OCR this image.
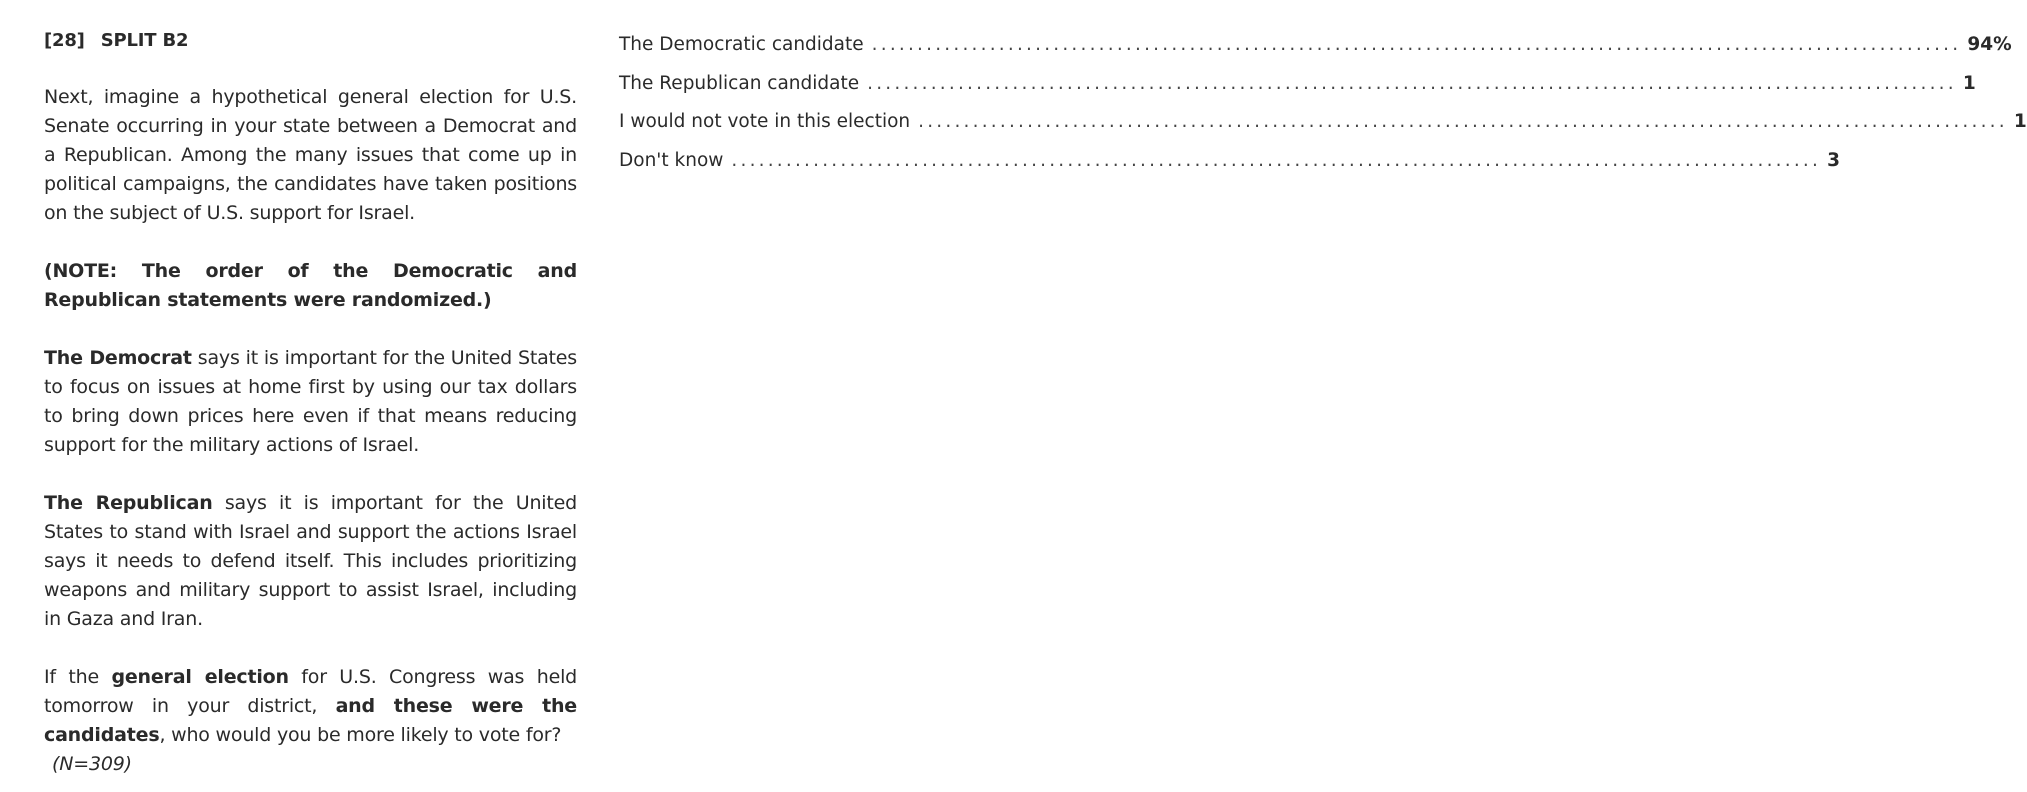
[28] SPLIT B2

Next, imagine a hypothetical general election for U.S. Senate occurring in your state between a Democrat and a Republican. Among the many issues that come up in political campaigns, the candidates have taken positions on the subject of U.S. support for Israel.

(NOTE: The order of the Democratic and Republican statements were randomized.)

The Democrat says it is important for the United States to focus on issues at home first by using our tax dollars to bring down prices here even if that means reducing support for the military actions of Israel.

The Republican says it is important for the United States to stand with Israel and support the actions Israel says it needs to defend itself. This includes prioritizing weapons and military support to assist Israel, including in Gaza and Iran.

If the general election for U.S. Congress was held tomorrow in your district, and these were the candidates, who would you be more likely to vote for?
(N=309)

The Democratic candidate ........................................................................................................................ 94%
The Republican candidate ........................................................................................................................ 1
I would not vote in this election ........................................................................................................................ 1
Don't know ........................................................................................................................ 3
